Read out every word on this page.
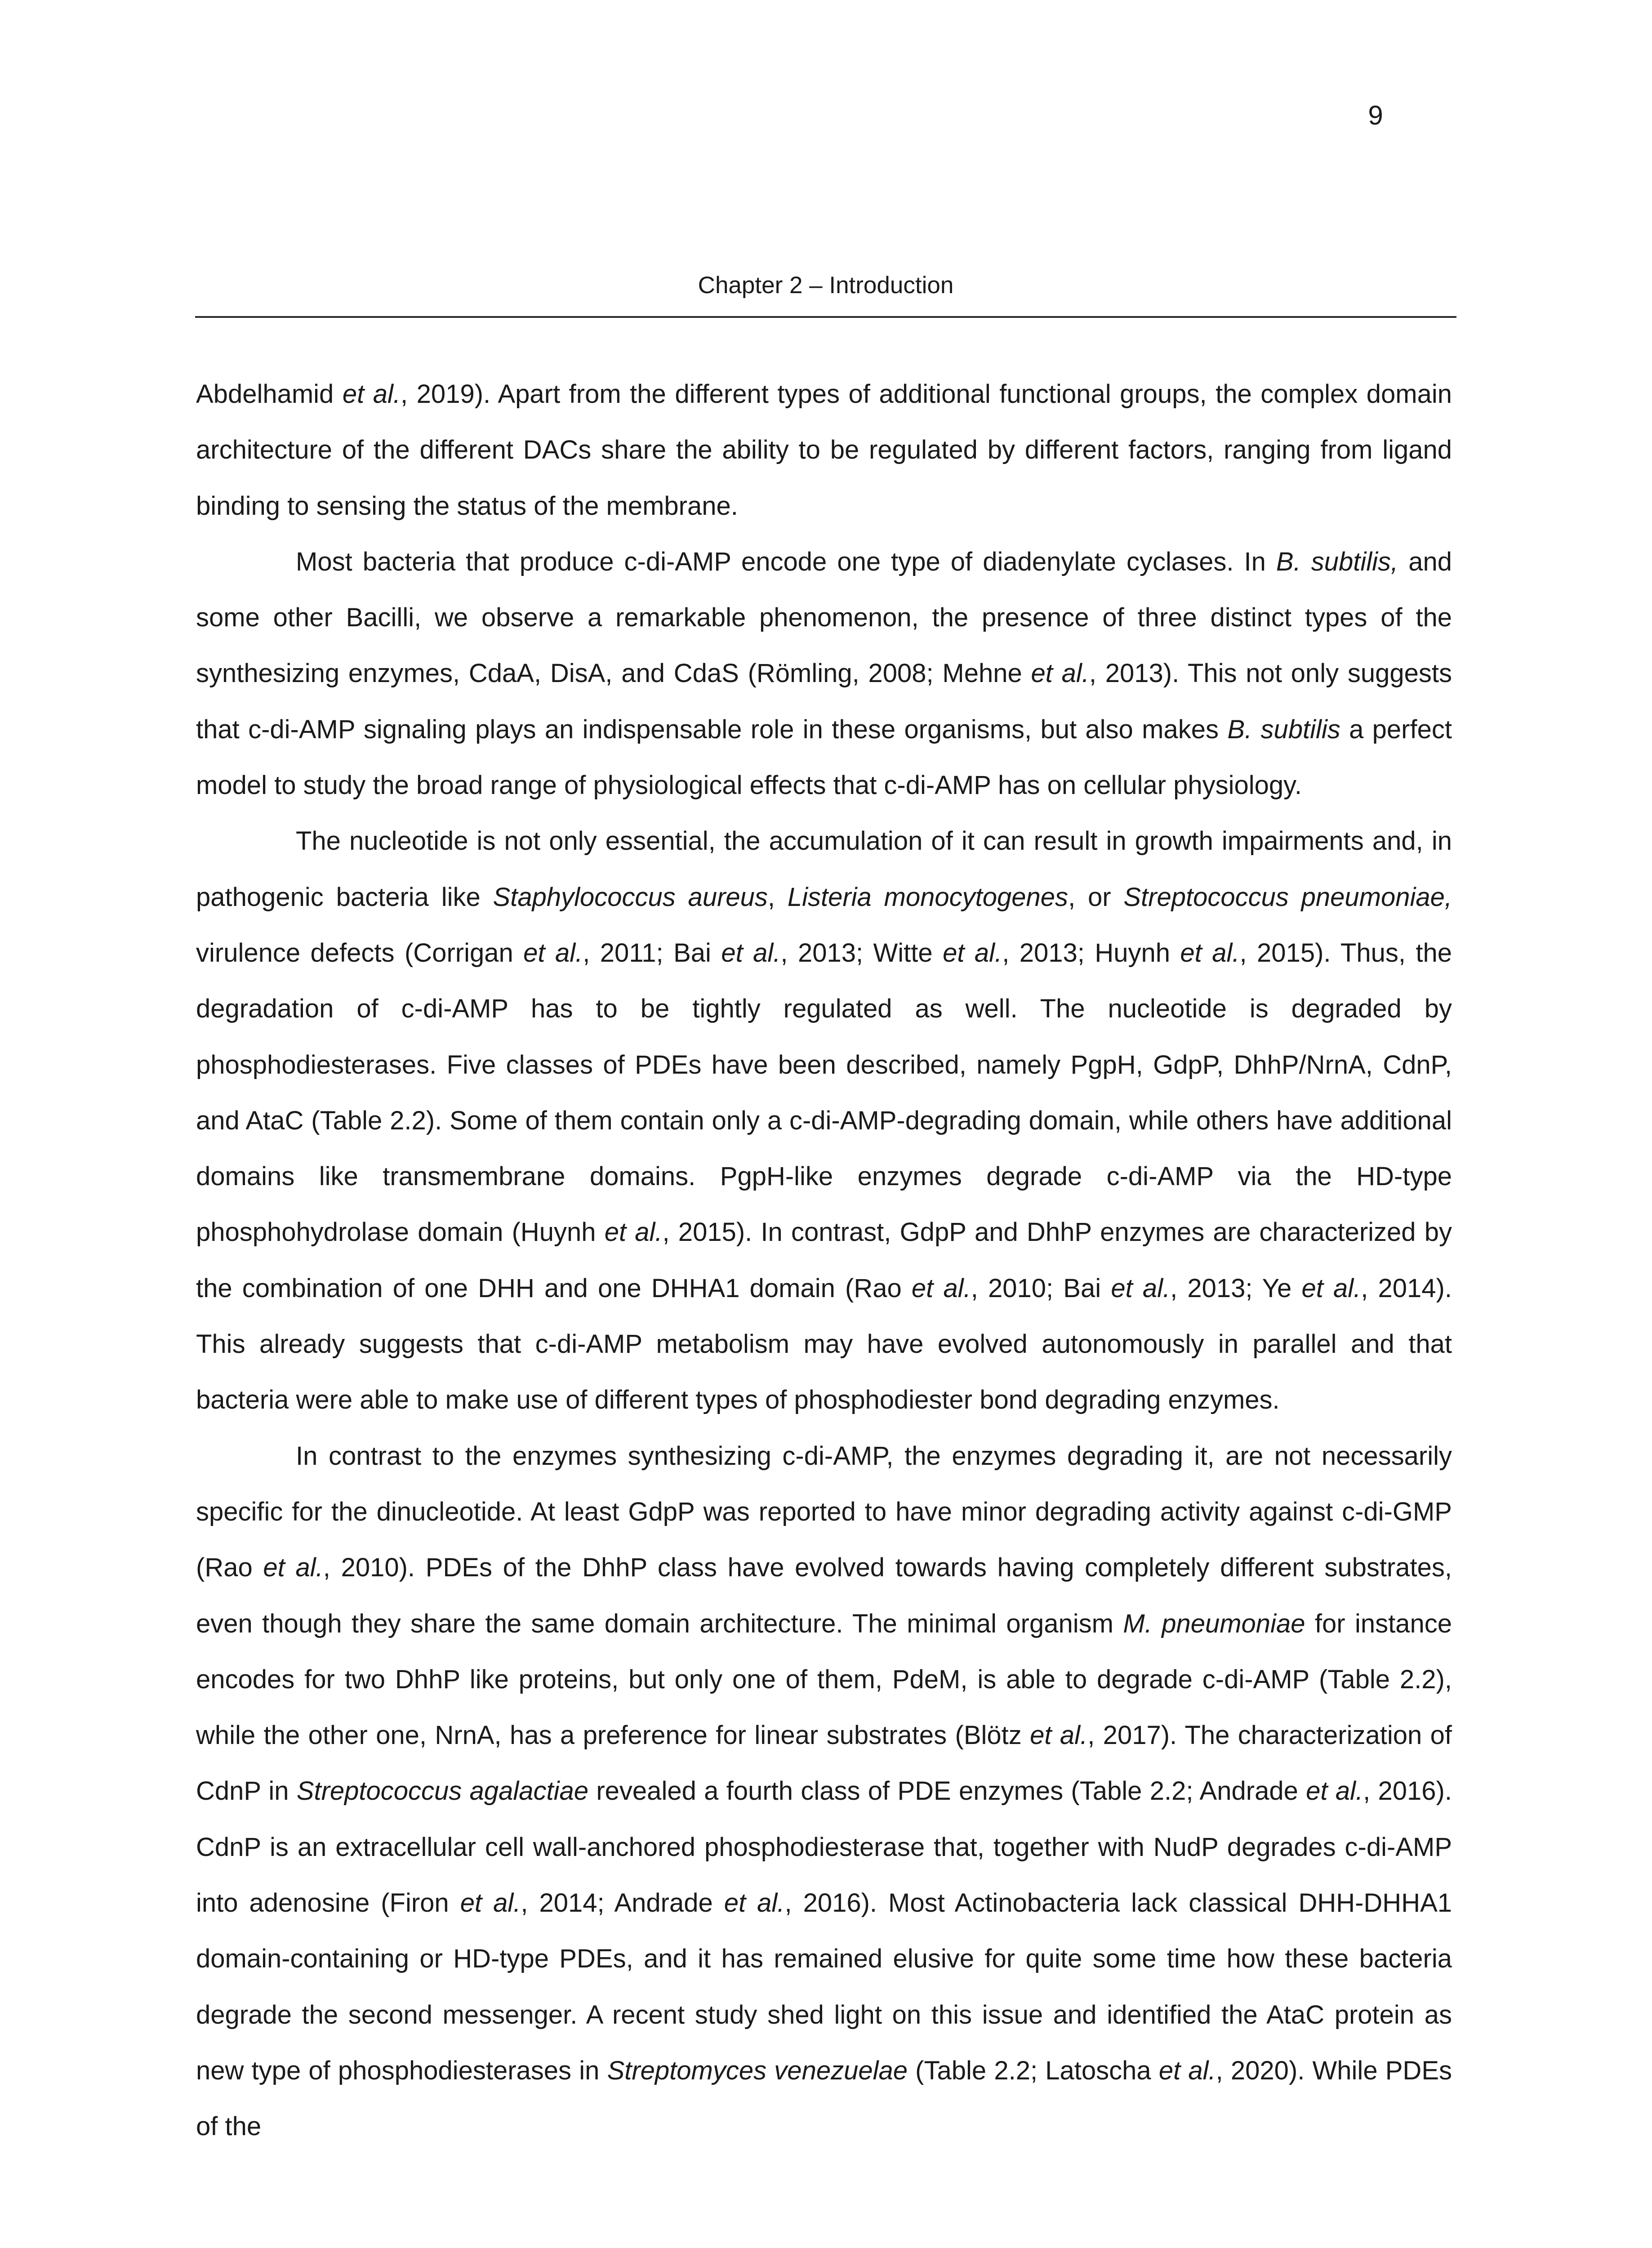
9
Chapter 2 – Introduction

Abdelhamid et al., 2019). Apart from the different types of additional functional groups, the complex domain architecture of the different DACs share the ability to be regulated by different factors, ranging from ligand binding to sensing the status of the membrane.

Most bacteria that produce c-di-AMP encode one type of diadenylate cyclases. In B. subtilis, and some other Bacilli, we observe a remarkable phenomenon, the presence of three distinct types of the synthesizing enzymes, CdaA, DisA, and CdaS (Römling, 2008; Mehne et al., 2013). This not only suggests that c-di-AMP signaling plays an indispensable role in these organisms, but also makes B. subtilis a perfect model to study the broad range of physiological effects that c-di-AMP has on cellular physiology.

The nucleotide is not only essential, the accumulation of it can result in growth impairments and, in pathogenic bacteria like Staphylococcus aureus, Listeria monocytogenes, or Streptococcus pneumoniae, virulence defects (Corrigan et al., 2011; Bai et al., 2013; Witte et al., 2013; Huynh et al., 2015). Thus, the degradation of c-di-AMP has to be tightly regulated as well. The nucleotide is degraded by phosphodiesterases. Five classes of PDEs have been described, namely PgpH, GdpP, DhhP/NrnA, CdnP, and AtaC (Table 2.2). Some of them contain only a c-di-AMP-degrading domain, while others have additional domains like transmembrane domains. PgpH-like enzymes degrade c-di-AMP via the HD-type phosphohydrolase domain (Huynh et al., 2015). In contrast, GdpP and DhhP enzymes are characterized by the combination of one DHH and one DHHA1 domain (Rao et al., 2010; Bai et al., 2013; Ye et al., 2014). This already suggests that c-di-AMP metabolism may have evolved autonomously in parallel and that bacteria were able to make use of different types of phosphodiester bond degrading enzymes.

In contrast to the enzymes synthesizing c-di-AMP, the enzymes degrading it, are not necessarily specific for the dinucleotide. At least GdpP was reported to have minor degrading activity against c-di-GMP (Rao et al., 2010). PDEs of the DhhP class have evolved towards having completely different substrates, even though they share the same domain architecture. The minimal organism M. pneumoniae for instance encodes for two DhhP like proteins, but only one of them, PdeM, is able to degrade c-di-AMP (Table 2.2), while the other one, NrnA, has a preference for linear substrates (Blötz et al., 2017). The characterization of CdnP in Streptococcus agalactiae revealed a fourth class of PDE enzymes (Table 2.2; Andrade et al., 2016). CdnP is an extracellular cell wall-anchored phosphodiesterase that, together with NudP degrades c-di-AMP into adenosine (Firon et al., 2014; Andrade et al., 2016). Most Actinobacteria lack classical DHH-DHHA1 domain-containing or HD-type PDEs, and it has remained elusive for quite some time how these bacteria degrade the second messenger. A recent study shed light on this issue and identified the AtaC protein as new type of phosphodiesterases in Streptomyces venezuelae (Table 2.2; Latoscha et al., 2020). While PDEs of the
